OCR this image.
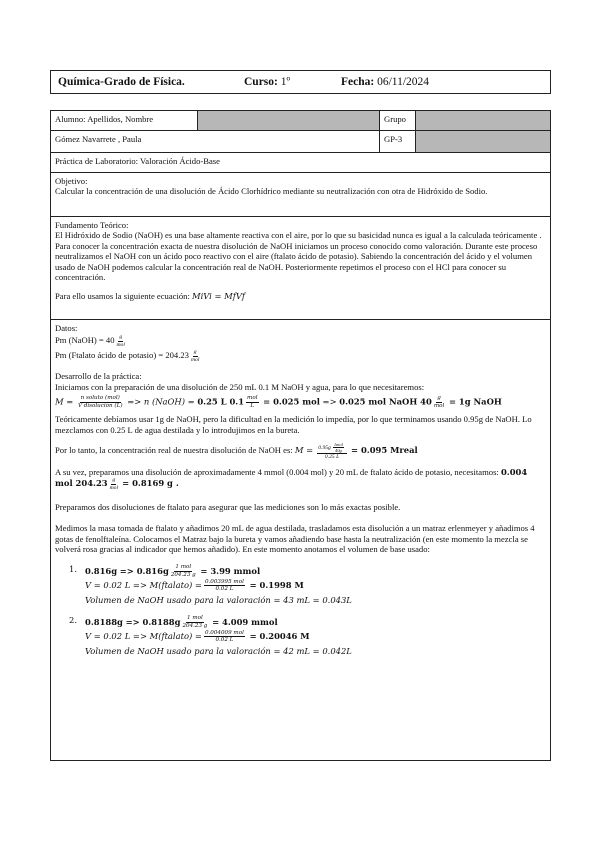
Química-Grado de Física.	Curso: 1º	Fecha: 06/11/2024
Alumno: Apellidos, Nombre	Grupo
Gómez Navarrete , Paula	GP-3
Práctica de Laboratorio: Valoración Ácido-Base

Objetivo:

Calcular la concentración de una disolución de Ácido Clorhídrico mediante su neutralización con otra de Hidróxido de Sodio.

Fundamento Teórico:

El Hidróxido de Sodio (NaOH) es una base altamente reactiva con el aire, por lo que su basicidad nunca es igual a la calculada teóricamente . Para conocer la concentración exacta de nuestra disolución de NaOH iniciamos un proceso conocido como valoración. Durante este proceso neutralizamos el NaOH con un ácido poco reactivo con el aire (ftalato ácido de potasio). Sabiendo la concentración del ácido y el volumen usado de NaOH podemos calcular la concentración real de NaOH. Posteriormente repetimos el proceso con el HCl para conocer su concentración.

Para ello usamos la siguiente ecuación: MiVi = MfVf

Datos:

Pm (NaOH) = $40 \frac{g}{\text{mol}}$

Pm (Ftalato ácido de potasio) = $204.23 \frac{g}{\text{mol}}$

Desarrollo de la práctica:

Iniciamos con la preparación de una disolución de 250 mL 0.1 M NaOH y agua, para lo que necesitaremos:

$M = \frac{\text{n soluto (mol)}}{\text{V disolución (L)}} => n$ (NaOH) = 0.25 L $0.1 \frac{\text{mol}}{L} = 0.025$ mol => 0.025 mol NaOH $40 \frac{g}{\text{mol}} = 1g$ NaOH

Teóricamente debíamos usar 1g de NaOH, pero la dificultad en la medición lo impedía, por lo que terminamos usando 0.95g de NaOH. Lo mezclamos con 0.25 L de agua destilada y lo introdujimos en la bureta.

Por lo tanto, la concentración real de nuestra disolución de NaOH es: $M = \frac{0.95g \frac{\text{1mol}}{40g}}{0.25 L} = 0.095$ Mreal

A su vez, preparamos una disolución de aproximadamente 4 mmol (0.004 mol) y 20 mL de ftalato ácido de potasio, necesitamos: 0.004 mol $204.23 \frac{g}{\text{mol}} = 0.8169$ g .

Preparamos dos disoluciones de ftalato para asegurar que las mediciones son lo más exactas posible.

Medimos la masa tomada de ftalato y añadimos 20 mL de agua destilada, trasladamos esta disolución a un matraz erlenmeyer y añadimos 4 gotas de fenolftaleína. Colocamos el Matraz bajo la bureta y vamos añadiendo base hasta la neutralización (en este momento la mezcla se volverá rosa gracias al indicador que hemos añadido). En este momento anotamos el volumen de base usado:

1. $0.816g => 0.816g \frac{\text{1 mol}}{204.23 g} = 3.99$ mmol

V = 0.02 L => M(ftalato) = $\frac{\text{0.003995 mol}}{0.02 L} = 0.1998$ M

Volumen de NaOH usado para la valoración = 43 mL = 0.043L

2. $0.8188g => 0.8188g \frac{\text{1 mol}}{204.23 g} = 4.009$ mmol

V = 0.02 L => M(ftalato) = $\frac{\text{0.004009 mol}}{0.02 L} = 0.20046$ M

Volumen de NaOH usado para la valoración = 42 mL = 0.042L
